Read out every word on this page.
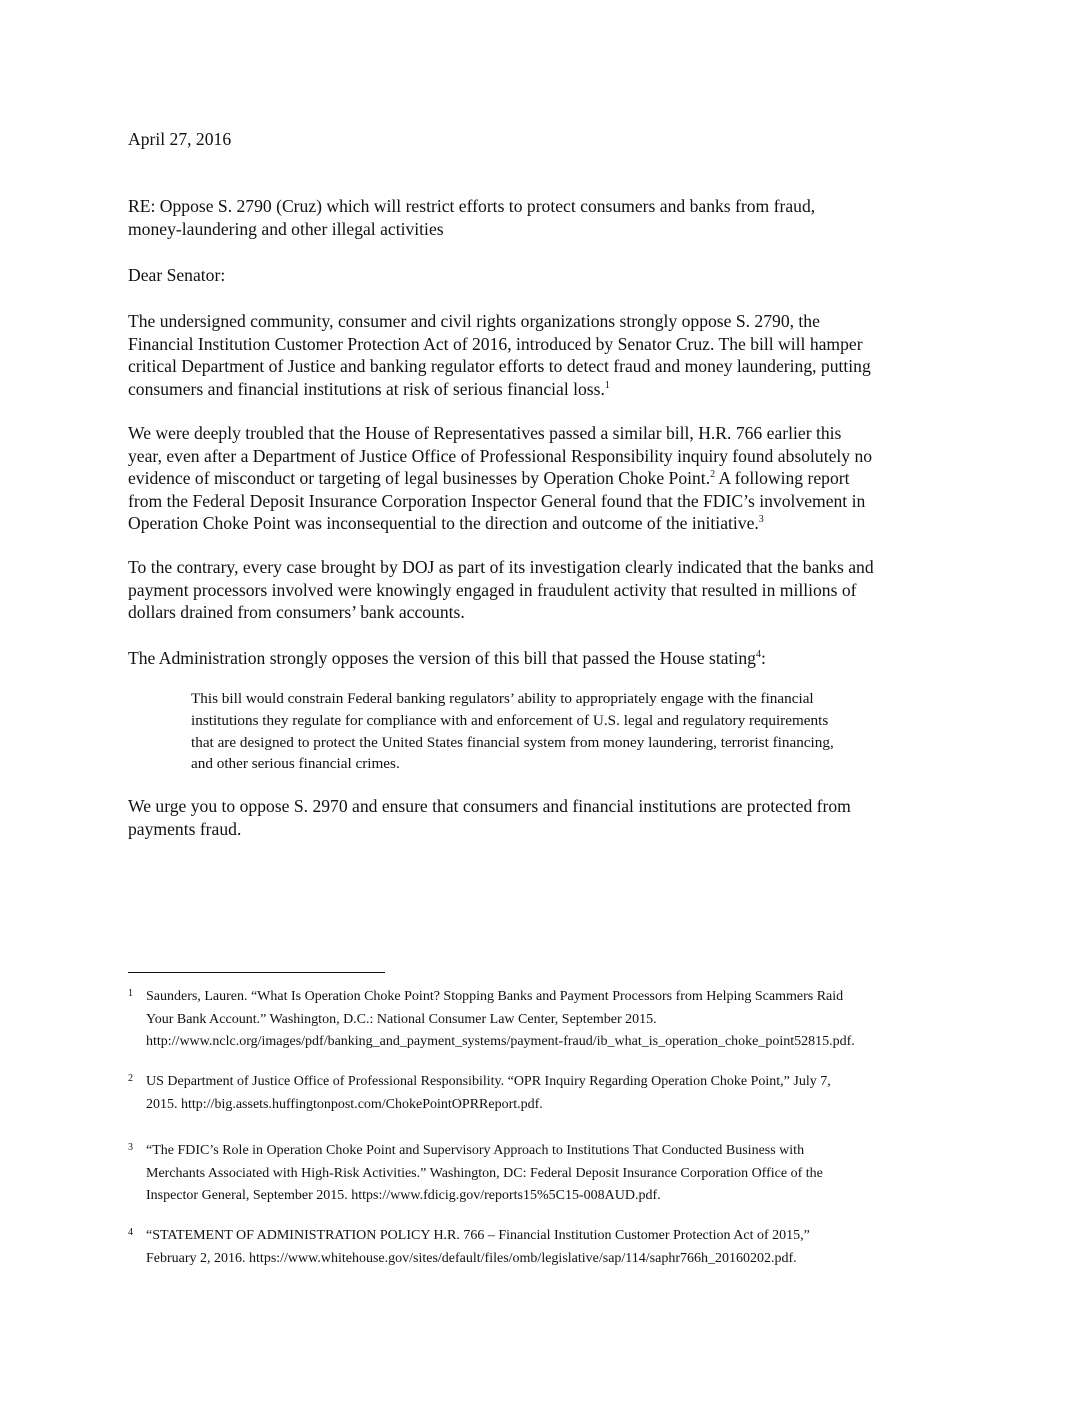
April 27, 2016

RE: Oppose S. 2790 (Cruz) which will restrict efforts to protect consumers and banks from fraud,
money-laundering and other illegal activities

Dear Senator:

The undersigned community, consumer and civil rights organizations strongly oppose S. 2790, the
Financial Institution Customer Protection Act of 2016, introduced by Senator Cruz. The bill will hamper
critical Department of Justice and banking regulator efforts to detect fraud and money laundering, putting
consumers and financial institutions at risk of serious financial loss.$^1$
We were deeply troubled that the House of Representatives passed a similar bill, H.R. 766 earlier this
year, even after a Department of Justice Office of Professional Responsibility inquiry found absolutely no
evidence of misconduct or targeting of legal businesses by Operation Choke Point.$^2$ A following report
from the Federal Deposit Insurance Corporation Inspector General found that the FDIC’s involvement in
Operation Choke Point was inconsequential to the direction and outcome of the initiative.$^3$
To the contrary, every case brought by DOJ as part of its investigation clearly indicated that the banks and
payment processors involved were knowingly engaged in fraudulent activity that resulted in millions of
dollars drained from consumers’ bank accounts.
The Administration strongly opposes the version of this bill that passed the House stating$^4$:
This bill would constrain Federal banking regulators’ ability to appropriately engage with the financial
institutions they regulate for compliance with and enforcement of U.S. legal and regulatory requirements
that are designed to protect the United States financial system from money laundering, terrorist financing,
and other serious financial crimes.
We urge you to oppose S. 2970 and ensure that consumers and financial institutions are protected from
payments fraud.
1 Saunders, Lauren. “What Is Operation Choke Point? Stopping Banks and Payment Processors from Helping Scammers Raid
Your Bank Account.” Washington, D.C.: National Consumer Law Center, September 2015.
http://www.nclc.org/images/pdf/banking_and_payment_systems/payment-fraud/ib_what_is_operation_choke_point52815.pdf.
2 US Department of Justice Office of Professional Responsibility. “OPR Inquiry Regarding Operation Choke Point,” July 7,
2015. http://big.assets.huffingtonpost.com/ChokePointOPRReport.pdf.
3 “The FDIC’s Role in Operation Choke Point and Supervisory Approach to Institutions That Conducted Business with
Merchants Associated with High-Risk Activities.” Washington, DC: Federal Deposit Insurance Corporation Office of the
Inspector General, September 2015. https://www.fdicig.gov/reports15%5C15-008AUD.pdf.
4 “STATEMENT OF ADMINISTRATION POLICY H.R. 766 – Financial Institution Customer Protection Act of 2015,”
February 2, 2016. https://www.whitehouse.gov/sites/default/files/omb/legislative/sap/114/saphr766h_20160202.pdf.
